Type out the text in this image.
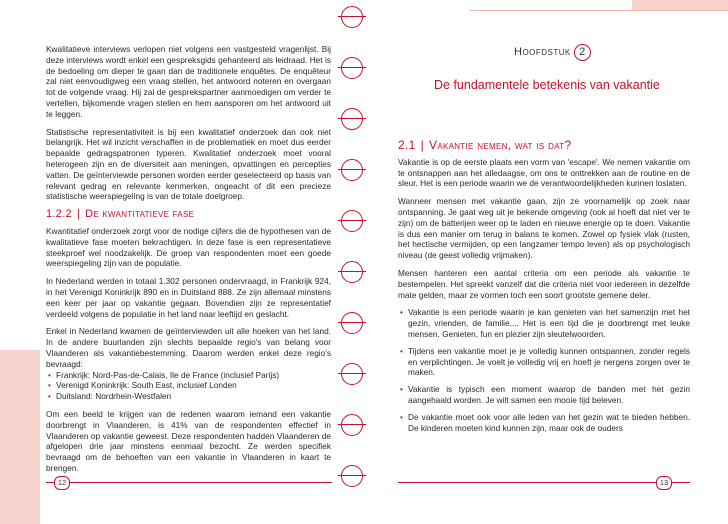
Kwalitatieve interviews verlopen niet volgens een vastgesteld vragenlijst. Bij deze interviews wordt enkel een gespreksgids gehanteerd als leidraad. Het is de bedoeling om dieper te gaan dan de traditionele enquêtes. De enquêteur zal niet eenvoudigweg een vraag stellen, het antwoord noteren en overgaan tot de volgende vraag. Hij zal de gesprekspartner aanmoedigen om verder te vertellen, bijkomende vragen stellen en hem aansporen om het antwoord uit te leggen.

Statistische representativiteit is bij een kwalitatief onderzoek dan ook niet belangrijk. Het wil inzicht verschaffen in de problematiek en moet dus eerder bepaalde gedragspatronen typeren. Kwalitatief onderzoek moet vooral heterogeen zijn en de diversiteit aan meningen, opvattingen en percepties vatten. De geïnterviewde personen worden eerder geselecteerd op basis van relevant gedrag en relevante kenmerken, ongeacht of dit een precieze statistische weerspiegeling is van de totale doelgroep.

1.2.2 | De kwantitatieve fase

Kwantitatief onderzoek zorgt voor de nodige cijfers die de hypothesen van de kwalitatieve fase moeten bekrachtigen. In deze fase is een representatieve steekproef wel noodzakelijk. De groep van respondenten moet een goede weerspiegeling zijn van de populatie.

In Nederland werden in totaal 1.302 personen ondervraagd, in Frankrijk 924, in het Verenigd Koninkrijk 890 en in Duitsland 888. Ze zijn allemaal minstens een keer per jaar op vakantie gegaan. Bovendien zijn ze representatief verdeeld volgens de populatie in het land naar leeftijd en geslacht.

Enkel in Nederland kwamen de geïnterviewden uit alle hoeken van het land. In de andere buurlanden zijn slechts bepaalde regio's van belang voor Vlaanderen als vakantiebestemming. Daarom werden enkel deze regio's bevraagd:

• Frankrijk: Nord-Pas-de-Calais, Ile de France (inclusief Parijs)
• Verenigd Koninkrijk: South East, inclusief Londen
• Duitsland: Nordrhein-Westfalen

Om een beeld te krijgen van de redenen waarom iemand een vakantie doorbrengt in Vlaanderen, is 41% van de respondenten effectief in Vlaanderen op vakantie geweest. Deze respondenten hadden Vlaanderen de afgelopen drie jaar minstens eenmaal bezocht. Ze werden specifiek bevraagd om de behoeften van een vakantie in Vlaanderen in kaart te brengen.

12
Hoofdstuk 2
De fundamentele betekenis van vakantie
2.1 | Vakantie nemen, wat is dat?

Vakantie is op de eerste plaats een vorm van 'escape'. We nemen vakantie om te ontsnappen aan het alledaagse, om ons te onttrekken aan de routine en de sleur. Het is een periode waarin we de verantwoordelijkheden kunnen loslaten.

Wanneer mensen met vakantie gaan, zijn ze voornamelijk op zoek naar ontspanning. Je gaat weg uit je bekende omgeving (ook al hoeft dat niet ver te zijn) om de batterijen weer op te laden en nieuwe energie op te doen. Vakantie is dus een manier om terug in balans te komen. Zowel op fysiek vlak (rusten, het hectische vermijden, op een langzamer tempo leven) als op psychologisch niveau (de geest volledig vrijmaken).

Mensen hanteren een aantal criteria om een periode als vakantie te bestempelen. Het spreekt vanzelf dat die criteria niet voor iedereen in dezelfde mate gelden, maar ze vormen toch een soort grootste gemene deler.

• Vakantie is een periode waarin je kan genieten van het samenzijn met het gezin, vrienden, de familie,... Het is een tijd die je doorbrengt met leuke mensen. Genieten, fun en plezier zijn sleutelwoorden.
• Tijdens een vakantie moet je je volledig kunnen ontspannen, zonder regels en verplichtingen. Je voelt je volledig vrij en hoeft je nergens zorgen over te maken.
• Vakantie is typisch een moment waarop de banden met het gezin aangehaald worden. Je wilt samen een mooie tijd beleven.
• De vakantie moet ook voor alle leden van het gezin wat te bieden hebben. De kinderen moeten kind kunnen zijn, maar ook de ouders
13
